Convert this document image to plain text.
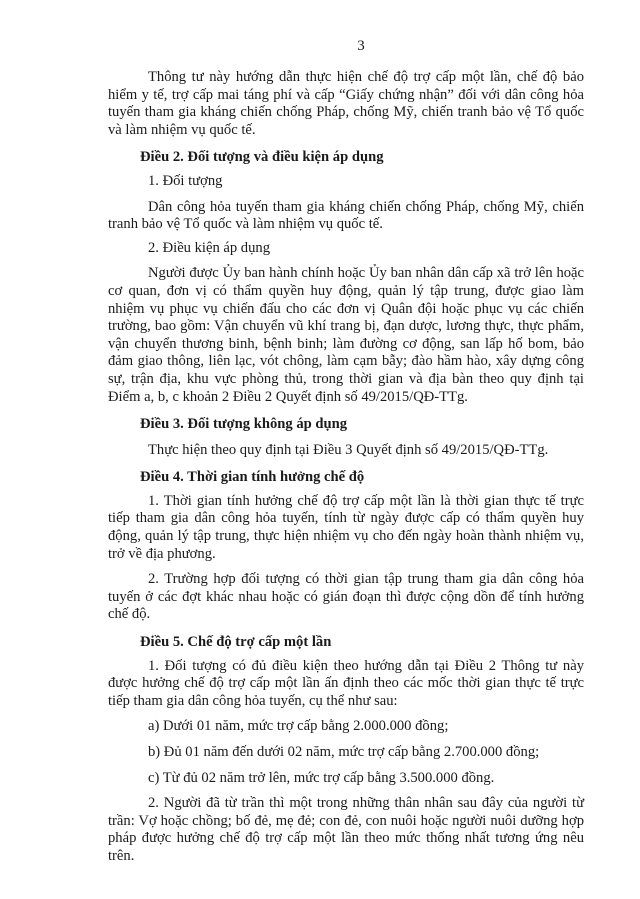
3

Thông tư này hướng dẫn thực hiện chế độ trợ cấp một lần, chế độ bảo hiểm y tế, trợ cấp mai táng phí và cấp “Giấy chứng nhận” đối với dân công hỏa tuyến tham gia kháng chiến chống Pháp, chống Mỹ, chiến tranh bảo vệ Tổ quốc và làm nhiệm vụ quốc tế.

Điều 2. Đối tượng và điều kiện áp dụng

1. Đối tượng

Dân công hỏa tuyến tham gia kháng chiến chống Pháp, chống Mỹ, chiến tranh bảo vệ Tổ quốc và làm nhiệm vụ quốc tế.

2. Điều kiện áp dụng

Người được Ủy ban hành chính hoặc Ủy ban nhân dân cấp xã trở lên hoặc cơ quan, đơn vị có thẩm quyền huy động, quản lý tập trung, được giao làm nhiệm vụ phục vụ chiến đấu cho các đơn vị Quân đội hoặc phục vụ các chiến trường, bao gồm: Vận chuyển vũ khí trang bị, đạn dược, lương thực, thực phẩm, vận chuyển thương binh, bệnh binh; làm đường cơ động, san lấp hố bom, bảo đảm giao thông, liên lạc, vót chông, làm cạm bẫy; đào hầm hào, xây dựng công sự, trận địa, khu vực phòng thủ, trong thời gian và địa bàn theo quy định tại Điểm a, b, c khoản 2 Điều 2 Quyết định số 49/2015/QĐ-TTg.

Điều 3. Đối tượng không áp dụng

Thực hiện theo quy định tại Điều 3 Quyết định số 49/2015/QĐ-TTg.

Điều 4. Thời gian tính hưởng chế độ

1. Thời gian tính hưởng chế độ trợ cấp một lần là thời gian thực tế trực tiếp tham gia dân công hỏa tuyến, tính từ ngày được cấp có thẩm quyền huy động, quản lý tập trung, thực hiện nhiệm vụ cho đến ngày hoàn thành nhiệm vụ, trở về địa phương.

2. Trường hợp đối tượng có thời gian tập trung tham gia dân công hỏa tuyến ở các đợt khác nhau hoặc có gián đoạn thì được cộng dồn để tính hưởng chế độ.

Điều 5. Chế độ trợ cấp một lần

1. Đối tượng có đủ điều kiện theo hướng dẫn tại Điều 2 Thông tư này được hưởng chế độ trợ cấp một lần ấn định theo các mốc thời gian thực tế trực tiếp tham gia dân công hỏa tuyến, cụ thể như sau:

a) Dưới 01 năm, mức trợ cấp bằng 2.000.000 đồng;

b) Đủ 01 năm đến dưới 02 năm, mức trợ cấp bằng 2.700.000 đồng;

c) Từ đủ 02 năm trở lên, mức trợ cấp bằng 3.500.000 đồng.

2. Người đã từ trần thì một trong những thân nhân sau đây của người từ trần: Vợ hoặc chồng; bố đẻ, mẹ đẻ; con đẻ, con nuôi hoặc người nuôi dưỡng hợp pháp được hưởng chế độ trợ cấp một lần theo mức thống nhất tương ứng nêu trên.
